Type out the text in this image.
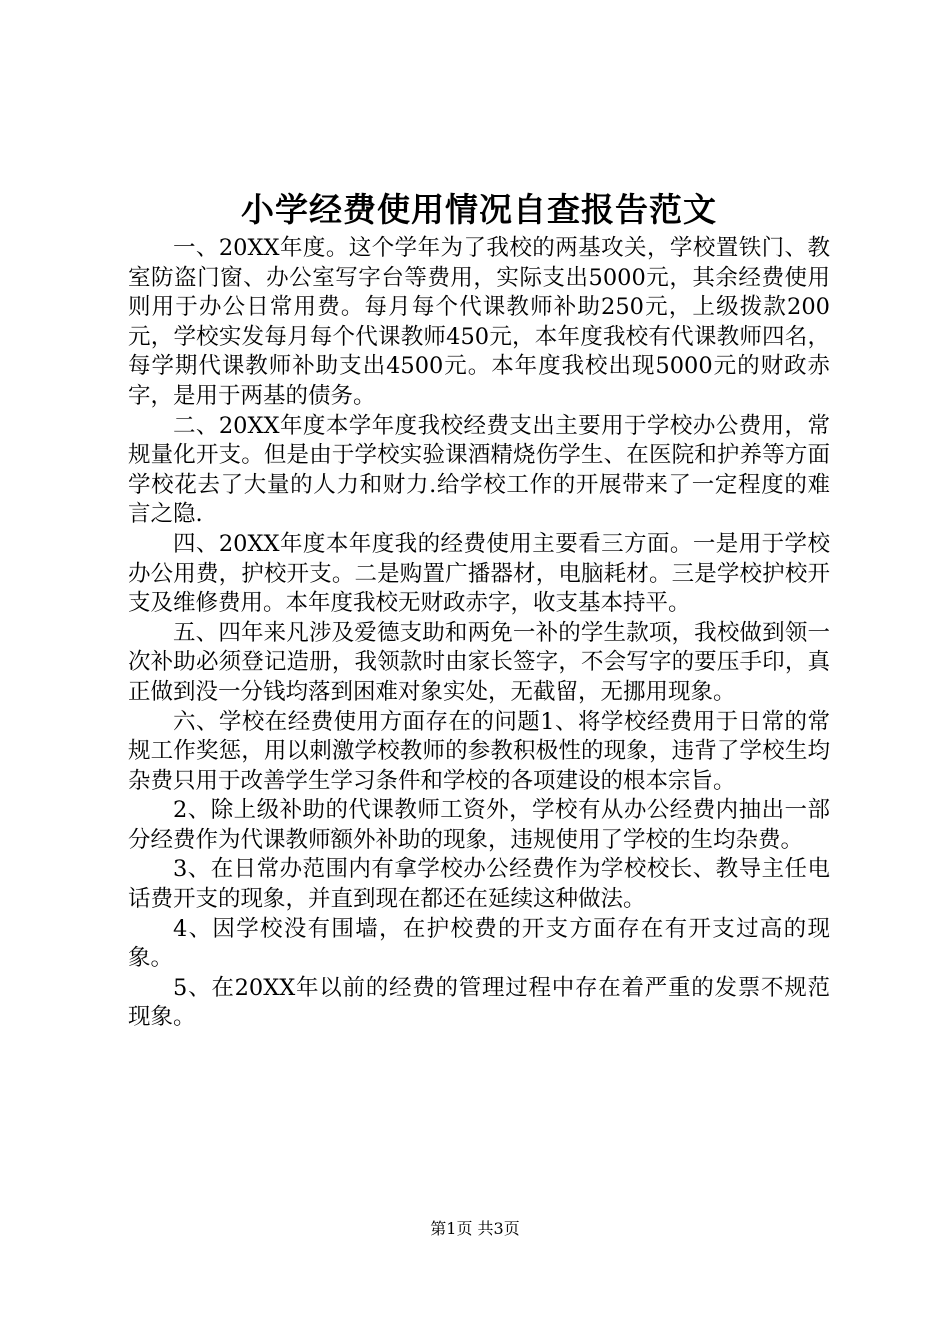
小学经费使用情况自查报告范文

一、20XX年度。这个学年为了我校的两基攻关，学校置铁门、教室防盗门窗、办公室写字台等费用，实际支出5000元，其余经费使用则用于办公日常用费。每月每个代课教师补助250元，上级拨款200元，学校实发每月每个代课教师450元，本年度我校有代课教师四名，每学期代课教师补助支出4500元。本年度我校出现5000元的财政赤字，是用于两基的债务。

二、20XX年度本学年度我校经费支出主要用于学校办公费用，常规量化开支。但是由于学校实验课酒精烧伤学生、在医院和护养等方面学校花去了大量的人力和财力.给学校工作的开展带来了一定程度的难言之隐.

四、20XX年度本年度我的经费使用主要看三方面。一是用于学校办公用费，护校开支。二是购置广播器材，电脑耗材。三是学校护校开支及维修费用。本年度我校无财政赤字，收支基本持平。

五、四年来凡涉及爱德支助和两免一补的学生款项，我校做到领一次补助必须登记造册，我领款时由家长签字，不会写字的要压手印，真正做到没一分钱均落到困难对象实处，无截留，无挪用现象。

六、学校在经费使用方面存在的问题1、将学校经费用于日常的常规工作奖惩，用以刺激学校教师的参教积极性的现象，违背了学校生均杂费只用于改善学生学习条件和学校的各项建设的根本宗旨。

2、除上级补助的代课教师工资外，学校有从办公经费内抽出一部分经费作为代课教师额外补助的现象，违规使用了学校的生均杂费。

3、在日常办范围内有拿学校办公经费作为学校校长、教导主任电话费开支的现象，并直到现在都还在延续这种做法。

4、因学校没有围墙，在护校费的开支方面存在有开支过高的现象。

5、在20XX年以前的经费的管理过程中存在着严重的发票不规范现象。

第1页 共3页
